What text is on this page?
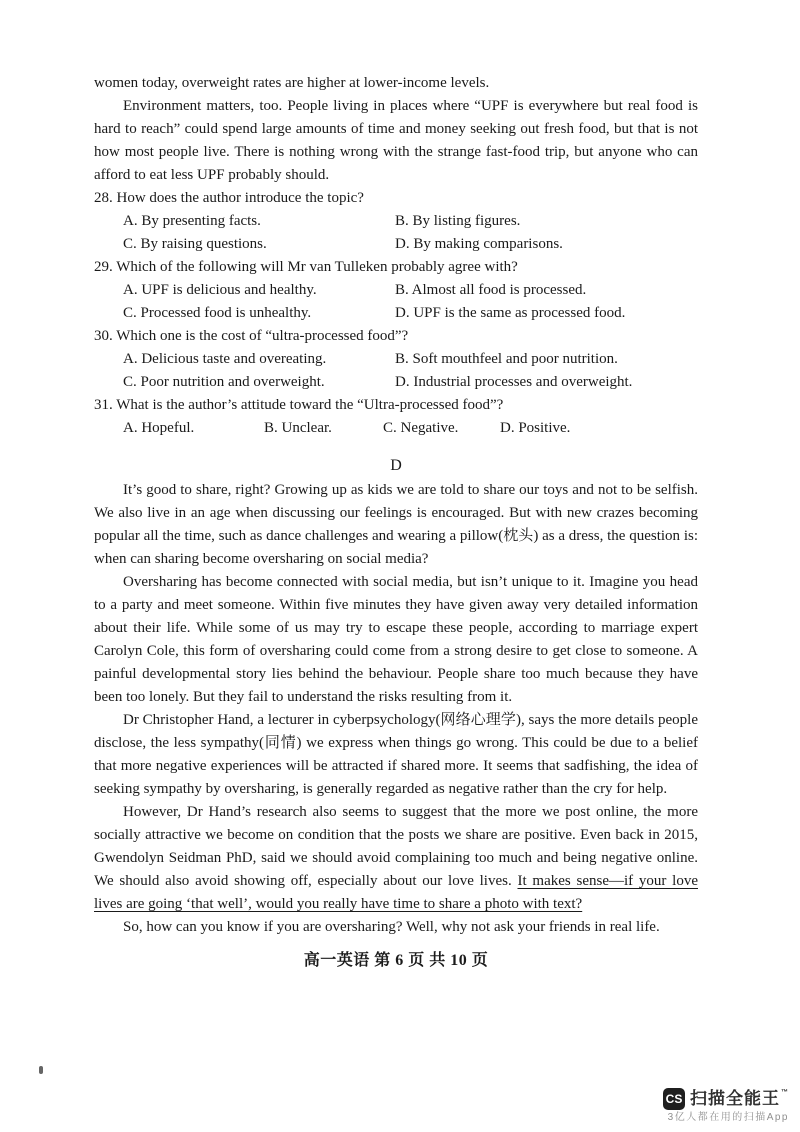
women today, overweight rates are higher at lower-income levels.

Environment matters, too. People living in places where “UPF is everywhere but real food is hard to reach” could spend large amounts of time and money seeking out fresh food, but that is not how most people live. There is nothing wrong with the strange fast-food trip, but anyone who can afford to eat less UPF probably should.

28. How does the author introduce the topic?

A. By presenting facts.	B. By listing figures.
C. By raising questions.	D. By making comparisons.

29. Which of the following will Mr van Tulleken probably agree with?

A. UPF is delicious and healthy.	B. Almost all food is processed.
C. Processed food is unhealthy.	D. UPF is the same as processed food.

30. Which one is the cost of “ultra-processed food”?

A. Delicious taste and overeating.	B. Soft mouthfeel and poor nutrition.
C. Poor nutrition and overweight.	D. Industrial processes and overweight.

31. What is the author’s attitude toward the “Ultra-processed food”?

A. Hopeful.	B. Unclear.	C. Negative.	D. Positive.

D

It’s good to share, right? Growing up as kids we are told to share our toys and not to be selfish. We also live in an age when discussing our feelings is encouraged. But with new crazes becoming popular all the time, such as dance challenges and wearing a pillow(枕头) as a dress, the question is: when can sharing become oversharing on social media?

Oversharing has become connected with social media, but isn’t unique to it. Imagine you head to a party and meet someone. Within five minutes they have given away very detailed information about their life. While some of us may try to escape these people, according to marriage expert Carolyn Cole, this form of oversharing could come from a strong desire to get close to someone. A painful developmental story lies behind the behaviour. People share too much because they have been too lonely. But they fail to understand the risks resulting from it.

Dr Christopher Hand, a lecturer in cyberpsychology(网络心理学), says the more details people disclose, the less sympathy(同情) we express when things go wrong. This could be due to a belief that more negative experiences will be attracted if shared more. It seems that sadfishing, the idea of seeking sympathy by oversharing, is generally regarded as negative rather than the cry for help.

However, Dr Hand’s research also seems to suggest that the more we post online, the more socially attractive we become on condition that the posts we share are positive. Even back in 2015, Gwendolyn Seidman PhD, said we should avoid complaining too much and being negative online. We should also avoid showing off, especially about our love lives. It makes sense—if your love lives are going ‘that well’, would you really have time to share a photo with text?

So, how can you know if you are oversharing? Well, why not ask your friends in real life.

高一英语 第 6 页 共 10 页

CS 扫描全能王™
3亿人都在用的扫描App
